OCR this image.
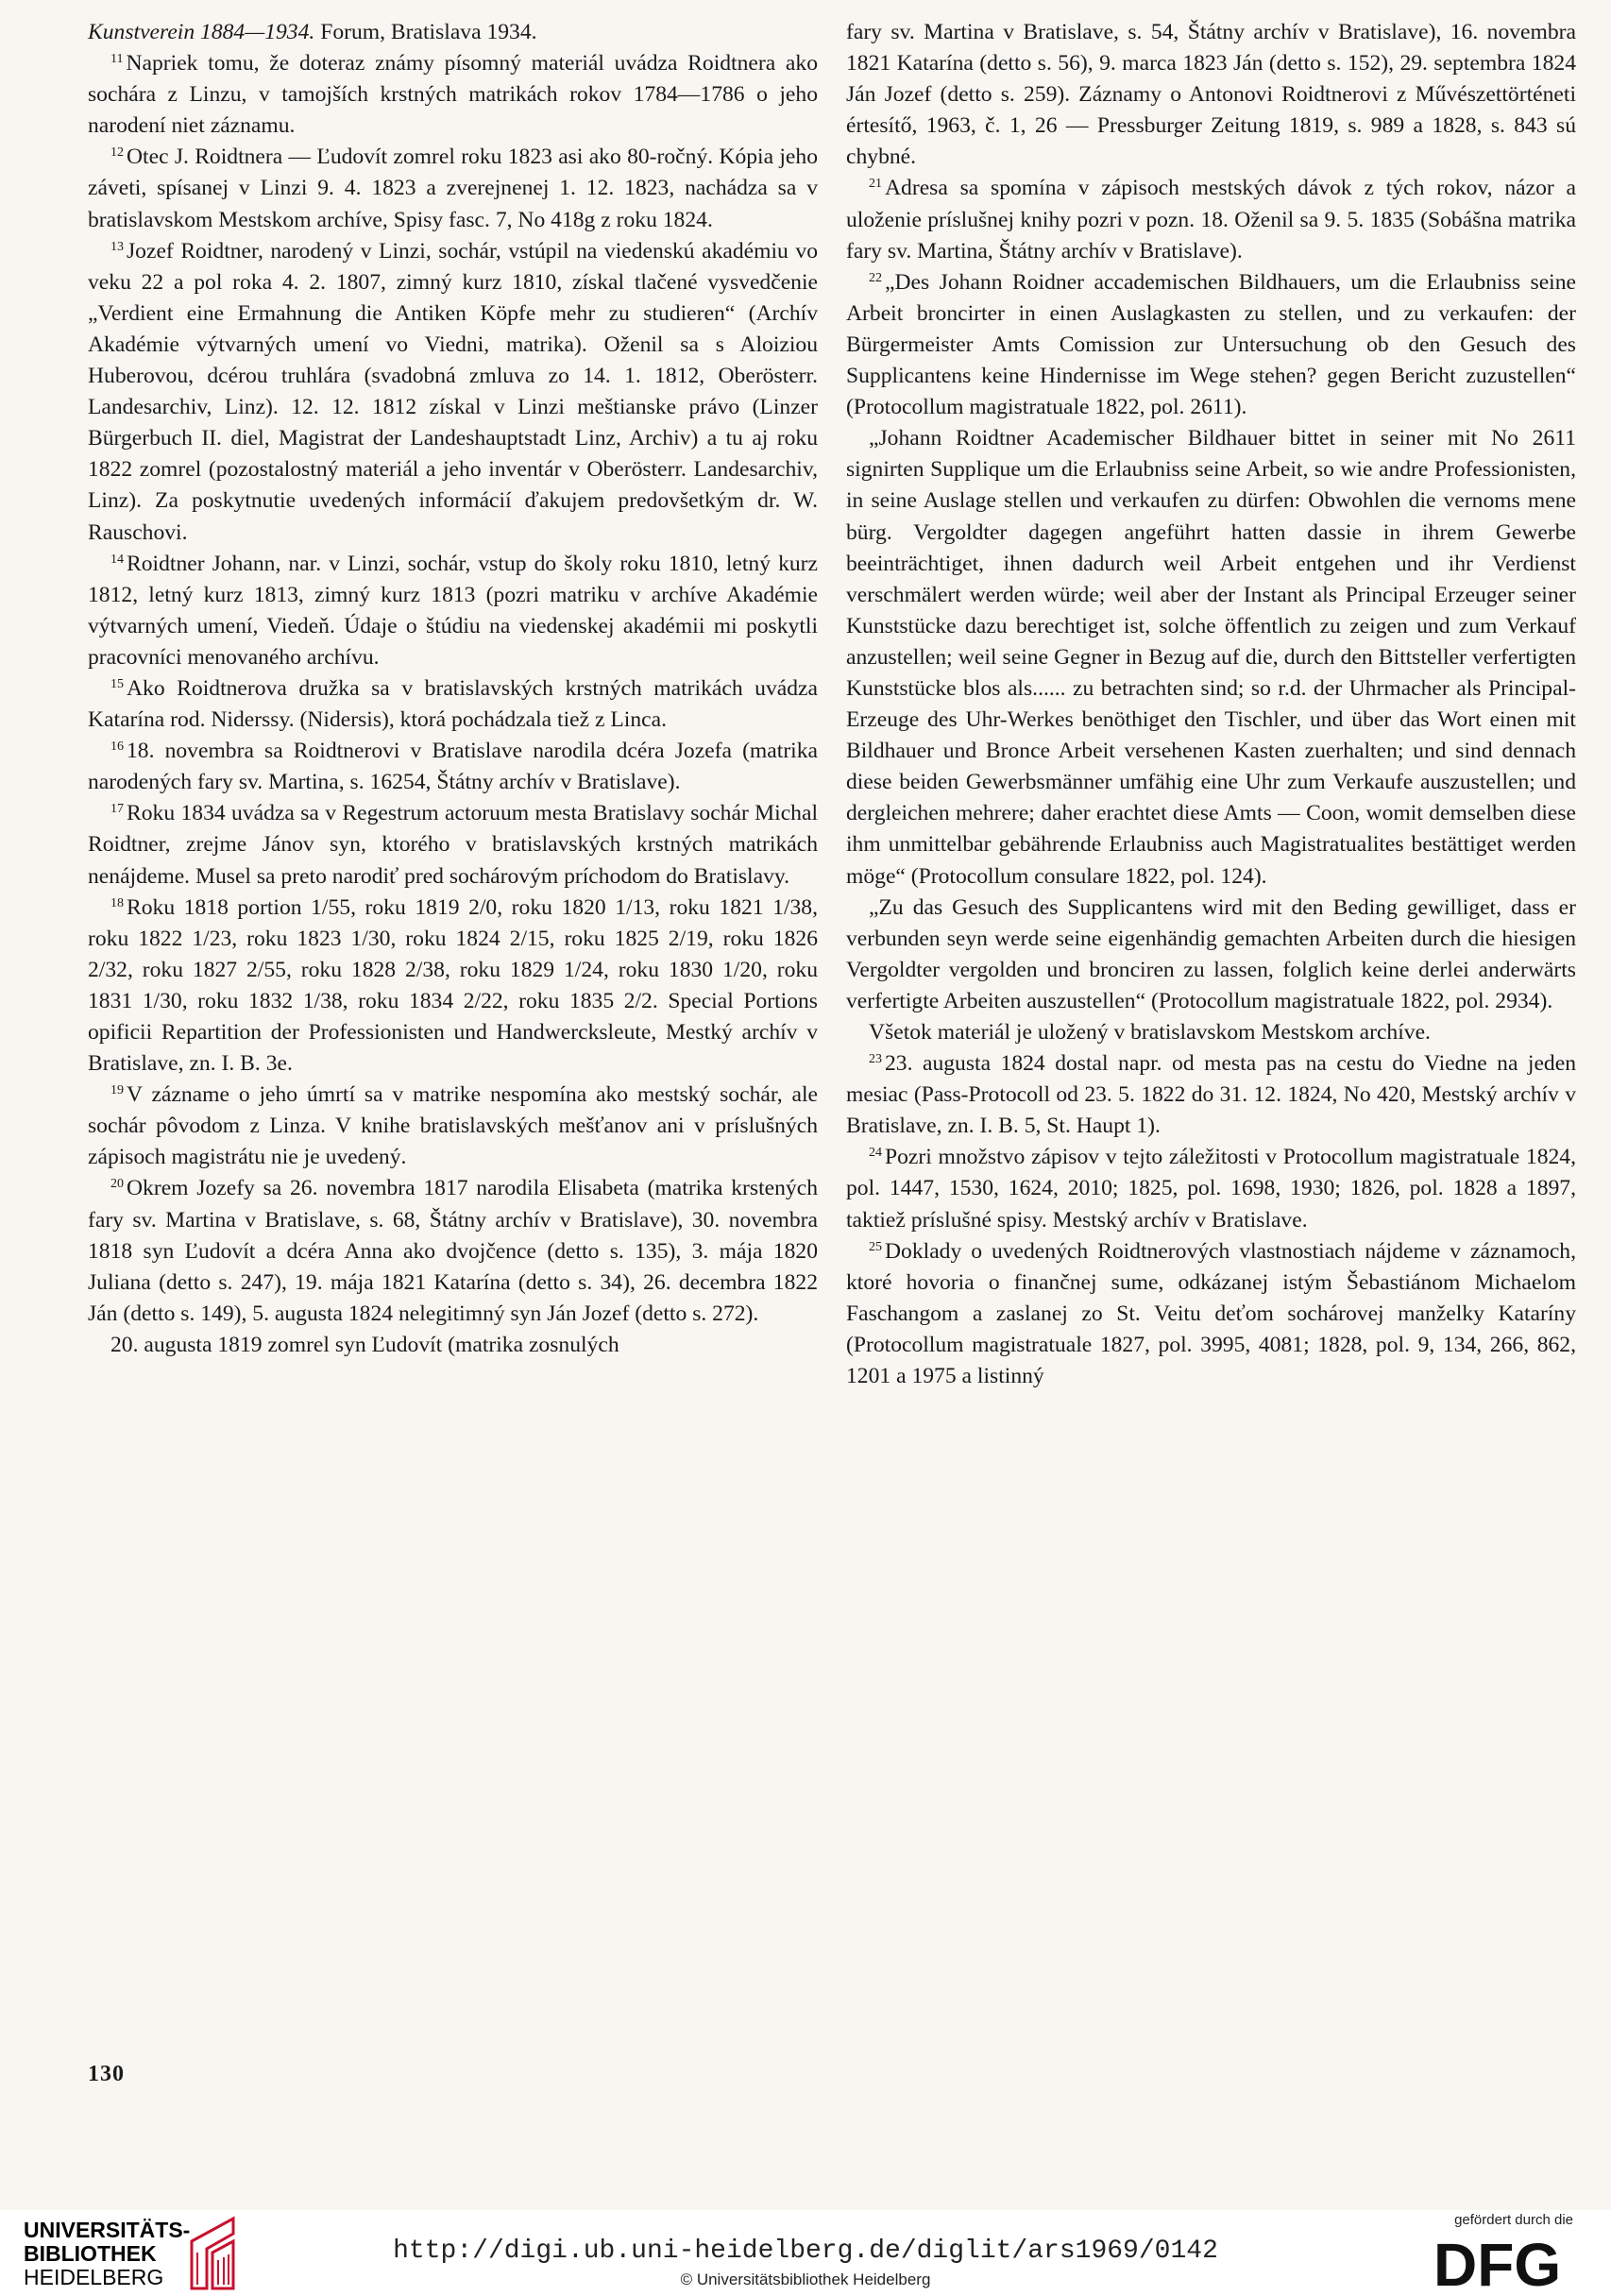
Kunstverein 1884—1934. Forum, Bratislava 1934.

$^{11}$ Napriek tomu, že doteraz známy písomný materiál uvádza Roidtnera ako sochára z Linzu, v tamojších krstných matrikách rokov 1784—1786 o jeho narodení niet záznamu.

$^{12}$ Otec J. Roidtnera — Ľudovít zomrel roku 1823 asi ako 80-ročný. Kópia jeho záveti, spísanej v Linzi 9. 4. 1823 a zverejnenej 1. 12. 1823, nachádza sa v bratislavskom Mestskom archíve, Spisy fasc. 7, No 418g z roku 1824.

$^{13}$ Jozef Roidtner, narodený v Linzi, sochár, vstúpil na viedenskú akadémiu vo veku 22 a pol roka 4. 2. 1807, zimný kurz 1810, získal tlačené vysvedčenie „Verdient eine Ermahnung die Antiken Köpfe mehr zu studieren“ (Archív Akadémie výtvarných umení vo Viedni, matrika). Oženil sa s Aloiziou Huberovou, dcérou truhlára (svadobná zmluva zo 14. 1. 1812, Oberösterr. Landesarchiv, Linz). 12. 12. 1812 získal v Linzi meštianske právo (Linzer Bürgerbuch II. diel, Magistrat der Landeshauptstadt Linz, Archiv) a tu aj roku 1822 zomrel (pozostalostný materiál a jeho inventár v Oberösterr. Landesarchiv, Linz). Za poskytnutie uvedených informácií ďakujem predovšetkým dr. W. Rauschovi.

$^{14}$ Roidtner Johann, nar. v Linzi, sochár, vstup do školy roku 1810, letný kurz 1812, letný kurz 1813, zimný kurz 1813 (pozri matriku v archíve Akadémie výtvarných umení, Viedeň. Údaje o štúdiu na viedenskej akadémii mi poskytli pracovníci menovaného archívu.

$^{15}$ Ako Roidtnerova družka sa v bratislavských krstných matrikách uvádza Katarína rod. Niderssy. (Nidersis), ktorá pochádzala tiež z Linca.

$^{16}$ 18. novembra sa Roidtnerovi v Bratislave narodila dcéra Jozefa (matrika narodených fary sv. Martina, s. 16254, Štátny archív v Bratislave).

$^{17}$ Roku 1834 uvádza sa v Regestrum actoruum mesta Bratislavy sochár Michal Roidtner, zrejme Jánov syn, ktorého v bratislavských krstných matrikách nenájdeme. Musel sa preto narodiť pred sochárovým príchodom do Bratislavy.

$^{18}$ Roku 1818 portion 1/55, roku 1819 2/0, roku 1820 1/13, roku 1821 1/38, roku 1822 1/23, roku 1823 1/30, roku 1824 2/15, roku 1825 2/19, roku 1826 2/32, roku 1827 2/55, roku 1828 2/38, roku 1829 1/24, roku 1830 1/20, roku 1831 1/30, roku 1832 1/38, roku 1834 2/22, roku 1835 2/2. Special Portions opificii Repartition der Professionisten und Handwercksleute, Mestký archív v Bratislave, zn. I. B. 3e.

$^{19}$ V zázname o jeho úmrtí sa v matrike nespomína ako mestský sochár, ale sochár pôvodom z Linza. V knihe bratislavských mešťanov ani v príslušných zápisoch magistrátu nie je uvedený.

$^{20}$ Okrem Jozefy sa 26. novembra 1817 narodila Elisabeta (matrika krstených fary sv. Martina v Bratislave, s. 68, Štátny archív v Bratislave), 30. novembra 1818 syn Ľudovít a dcéra Anna ako dvojčence (detto s. 135), 3. mája 1820 Juliana (detto s. 247), 19. mája 1821 Katarína (detto s. 34), 26. decembra 1822 Ján (detto s. 149), 5. augusta 1824 nelegitimný syn Ján Jozef (detto s. 272).

20. augusta 1819 zomrel syn Ľudovít (matrika zosnulých

fary sv. Martina v Bratislave, s. 54, Štátny archív v Bratislave), 16. novembra 1821 Katarína (detto s. 56), 9. marca 1823 Ján (detto s. 152), 29. septembra 1824 Ján Jozef (detto s. 259). Záznamy o Antonovi Roidtnerovi z Művészettörténeti értesítő, 1963, č. 1, 26 — Pressburger Zeitung 1819, s. 989 a 1828, s. 843 sú chybné.

$^{21}$ Adresa sa spomína v zápisoch mestských dávok z tých rokov, názor a uloženie príslušnej knihy pozri v pozn. 18. Oženil sa 9. 5. 1835 (Sobášna matrika fary sv. Martina, Štátny archív v Bratislave).

$^{22}$ „Des Johann Roidner accademischen Bildhauers, um die Erlaubniss seine Arbeit broncirter in einen Auslagkasten zu stellen, und zu verkaufen: der Bürgermeister Amts Comission zur Untersuchung ob den Gesuch des Supplicantens keine Hindernisse im Wege stehen? gegen Bericht zuzustellen“ (Protocollum magistratuale 1822, pol. 2611).

„Johann Roidtner Academischer Bildhauer bittet in seiner mit No 2611 signirten Supplique um die Erlaubniss seine Arbeit, so wie andre Professionisten, in seine Auslage stellen und verkaufen zu dürfen: Obwohlen die vernoms mene bürg. Vergoldter dagegen angeführt hatten dassie in ihrem Gewerbe beeinträchtiget, ihnen dadurch weil Arbeit entgehen und ihr Verdienst verschmälert werden würde; weil aber der Instant als Principal Erzeuger seiner Kunststücke dazu berechtiget ist, solche öffentlich zu zeigen und zum Verkauf anzustellen; weil seine Gegner in Bezug auf die, durch den Bittsteller verfertigten Kunststücke blos als...... zu betrachten sind; so r.d. der Uhrmacher als Principal-Erzeuge des Uhr-Werkes benöthiget den Tischler, und über das Wort einen mit Bildhauer und Bronce Arbeit versehenen Kasten zuerhalten; und sind dennach diese beiden Gewerbsmänner umfähig eine Uhr zum Verkaufe auszustellen; und dergleichen mehrere; daher erachtet diese Amts — Coon, womit demselben diese ihm unmittelbar gebährende Erlaubniss auch Magistratualites bestättiget werden möge“ (Protocollum consulare 1822, pol. 124).

„Zu das Gesuch des Supplicantens wird mit den Beding gewilliget, dass er verbunden seyn werde seine eigenhändig gemachten Arbeiten durch die hiesigen Vergoldter vergolden und bronciren zu lassen, folglich keine derlei anderwärts verfertigte Arbeiten auszustellen“ (Protocollum magistratuale 1822, pol. 2934).

Všetok materiál je uložený v bratislavskom Mestskom archíve.

$^{23}$ 23. augusta 1824 dostal napr. od mesta pas na cestu do Viedne na jeden mesiac (Pass-Protocoll od 23. 5. 1822 do 31. 12. 1824, No 420, Mestský archív v Bratislave, zn. I. B. 5, St. Haupt 1).

$^{24}$ Pozri množstvo zápisov v tejto záležitosti v Protocollum magistratuale 1824, pol. 1447, 1530, 1624, 2010; 1825, pol. 1698, 1930; 1826, pol. 1828 a 1897, taktiež príslušné spisy. Mestský archív v Bratislave.

$^{25}$ Doklady o uvedených Roidtnerových vlastnostiach nájdeme v záznamoch, ktoré hovoria o finančnej sume, odkázanej istým Šebastiánom Michaelom Faschangom a zaslanej zo St. Veitu deťom sochárovej manželky Kataríny (Protocollum magistratuale 1827, pol. 3995, 4081; 1828, pol. 9, 134, 266, 862, 1201 a 1975 a listinný

130
UNIVERSITÄTS-
BIBLIOTHEK
HEIDELBERG
http://digi.ub.uni-heidelberg.de/diglit/ars1969/0142
© Universitätsbibliothek Heidelberg
gefördert durch die
DFG
